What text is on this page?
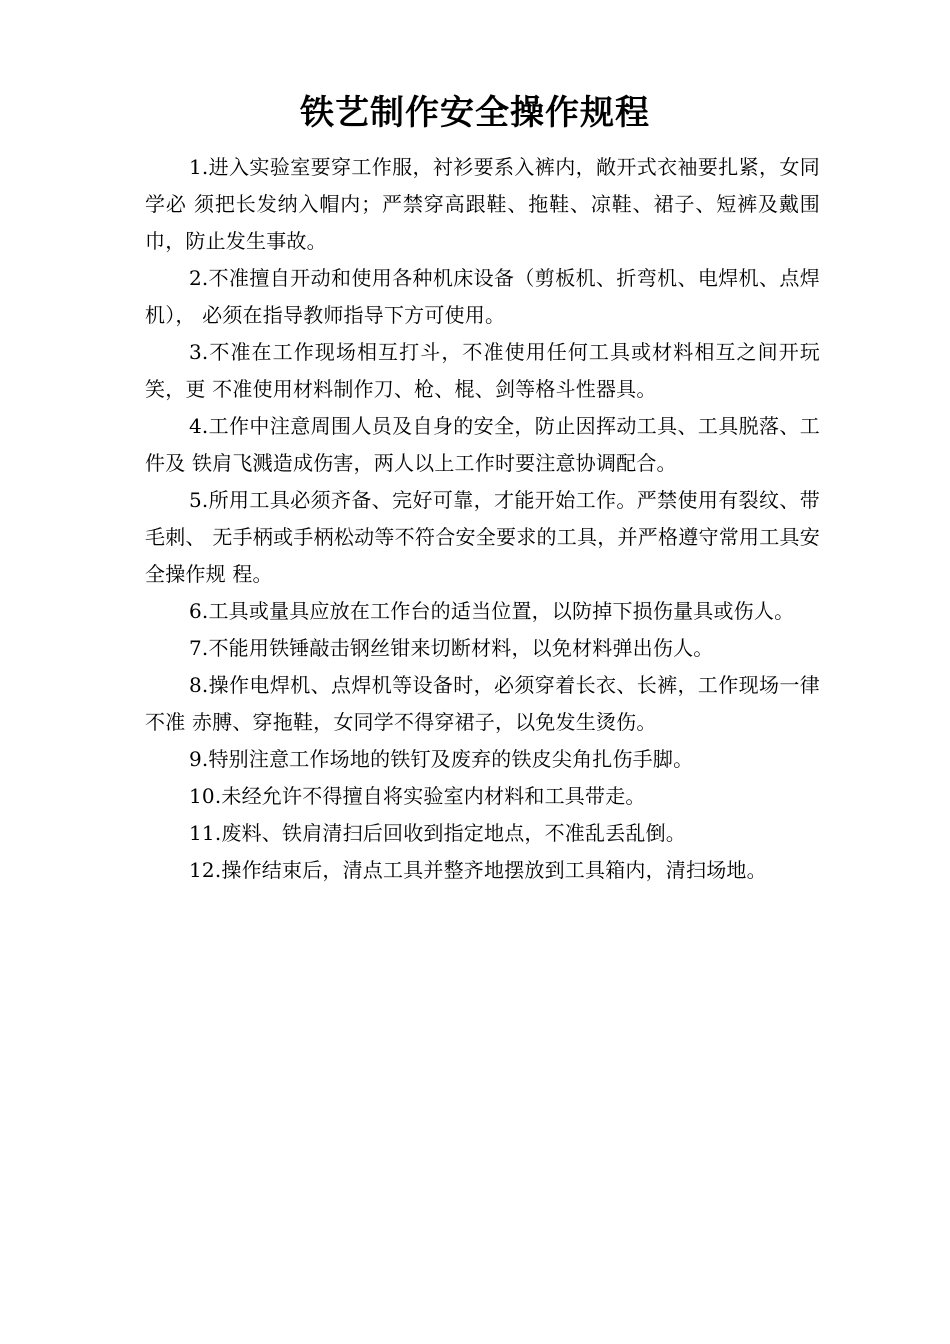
铁艺制作安全操作规程

1.进入实验室要穿工作服，衬衫要系入裤内，敞开式衣袖要扎紧，女同学必 须把长发纳入帽内；严禁穿高跟鞋、拖鞋、凉鞋、裙子、短裤及戴围巾，防止发生事故。

2.不准擅自开动和使用各种机床设备（剪板机、折弯机、电焊机、点焊机）， 必须在指导教师指导下方可使用。

3.不准在工作现场相互打斗，不准使用任何工具或材料相互之间开玩笑，更 不准使用材料制作刀、枪、棍、剑等格斗性器具。

4.工作中注意周围人员及自身的安全，防止因挥动工具、工具脱落、工件及 铁肩飞溅造成伤害，两人以上工作时要注意协调配合。

5.所用工具必须齐备、完好可靠，才能开始工作。严禁使用有裂纹、带毛刺、 无手柄或手柄松动等不符合安全要求的工具，并严格遵守常用工具安全操作规 程。

6.工具或量具应放在工作台的适当位置，以防掉下损伤量具或伤人。

7.不能用铁锤敲击钢丝钳来切断材料，以免材料弹出伤人。

8.操作电焊机、点焊机等设备时，必须穿着长衣、长裤，工作现场一律不准 赤膊、穿拖鞋，女同学不得穿裙子，以免发生烫伤。

9.特别注意工作场地的铁钉及废弃的铁皮尖角扎伤手脚。

10.未经允许不得擅自将实验室内材料和工具带走。

11.废料、铁肩清扫后回收到指定地点，不准乱丢乱倒。

12.操作结束后，清点工具并整齐地摆放到工具箱内，清扫场地。
